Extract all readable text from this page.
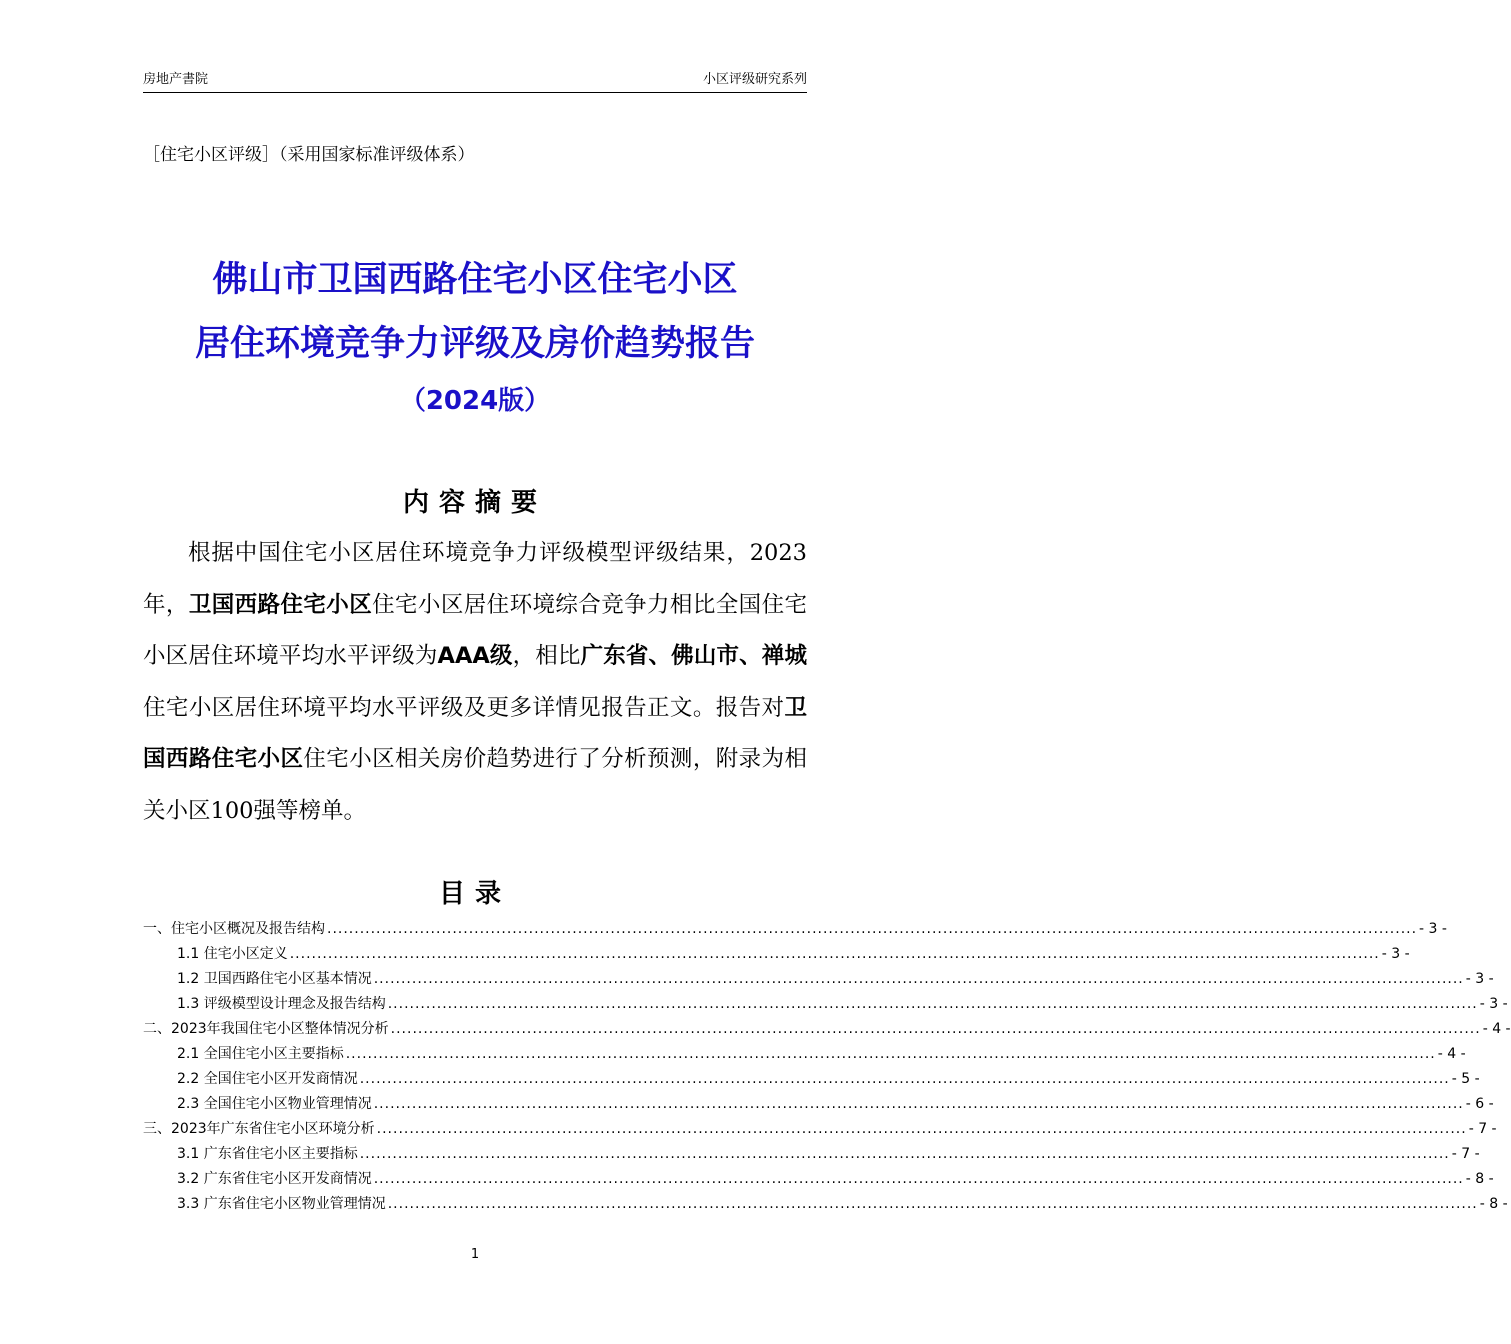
房地产書院	小区评级研究系列
［住宅小区评级］（采用国家标准评级体系）
佛山市卫国西路住宅小区住宅小区
居住环境竞争力评级及房价趋势报告
（2024版）
内容摘要

根据中国住宅小区居住环境竞争力评级模型评级结果，2023年，卫国西路住宅小区住宅小区居住环境综合竞争力相比全国住宅小区居住环境平均水平评级为AAA级，相比广东省、佛山市、禅城住宅小区居住环境平均水平评级及更多详情见报告正文。报告对卫国西路住宅小区住宅小区相关房价趋势进行了分析预测，附录为相关小区100强等榜单。

目录
一、住宅小区概况及报告结构 ........................................................................................................................................................................................................ - 3 -
1.1 住宅小区定义 ........................................................................................................................................................................................................ - 3 -
1.2 卫国西路住宅小区基本情况 ........................................................................................................................................................................................................ - 3 -
1.3 评级模型设计理念及报告结构 ........................................................................................................................................................................................................ - 3 -
二、2023年我国住宅小区整体情况分析 ........................................................................................................................................................................................................ - 4 -
2.1 全国住宅小区主要指标 ........................................................................................................................................................................................................ - 4 -
2.2 全国住宅小区开发商情况 ........................................................................................................................................................................................................ - 5 -
2.3 全国住宅小区物业管理情况 ........................................................................................................................................................................................................ - 6 -
三、2023年广东省住宅小区环境分析 ........................................................................................................................................................................................................ - 7 -
3.1 广东省住宅小区主要指标 ........................................................................................................................................................................................................ - 7 -
3.2 广东省住宅小区开发商情况 ........................................................................................................................................................................................................ - 8 -
3.3 广东省住宅小区物业管理情况 ........................................................................................................................................................................................................ - 8 -
1
